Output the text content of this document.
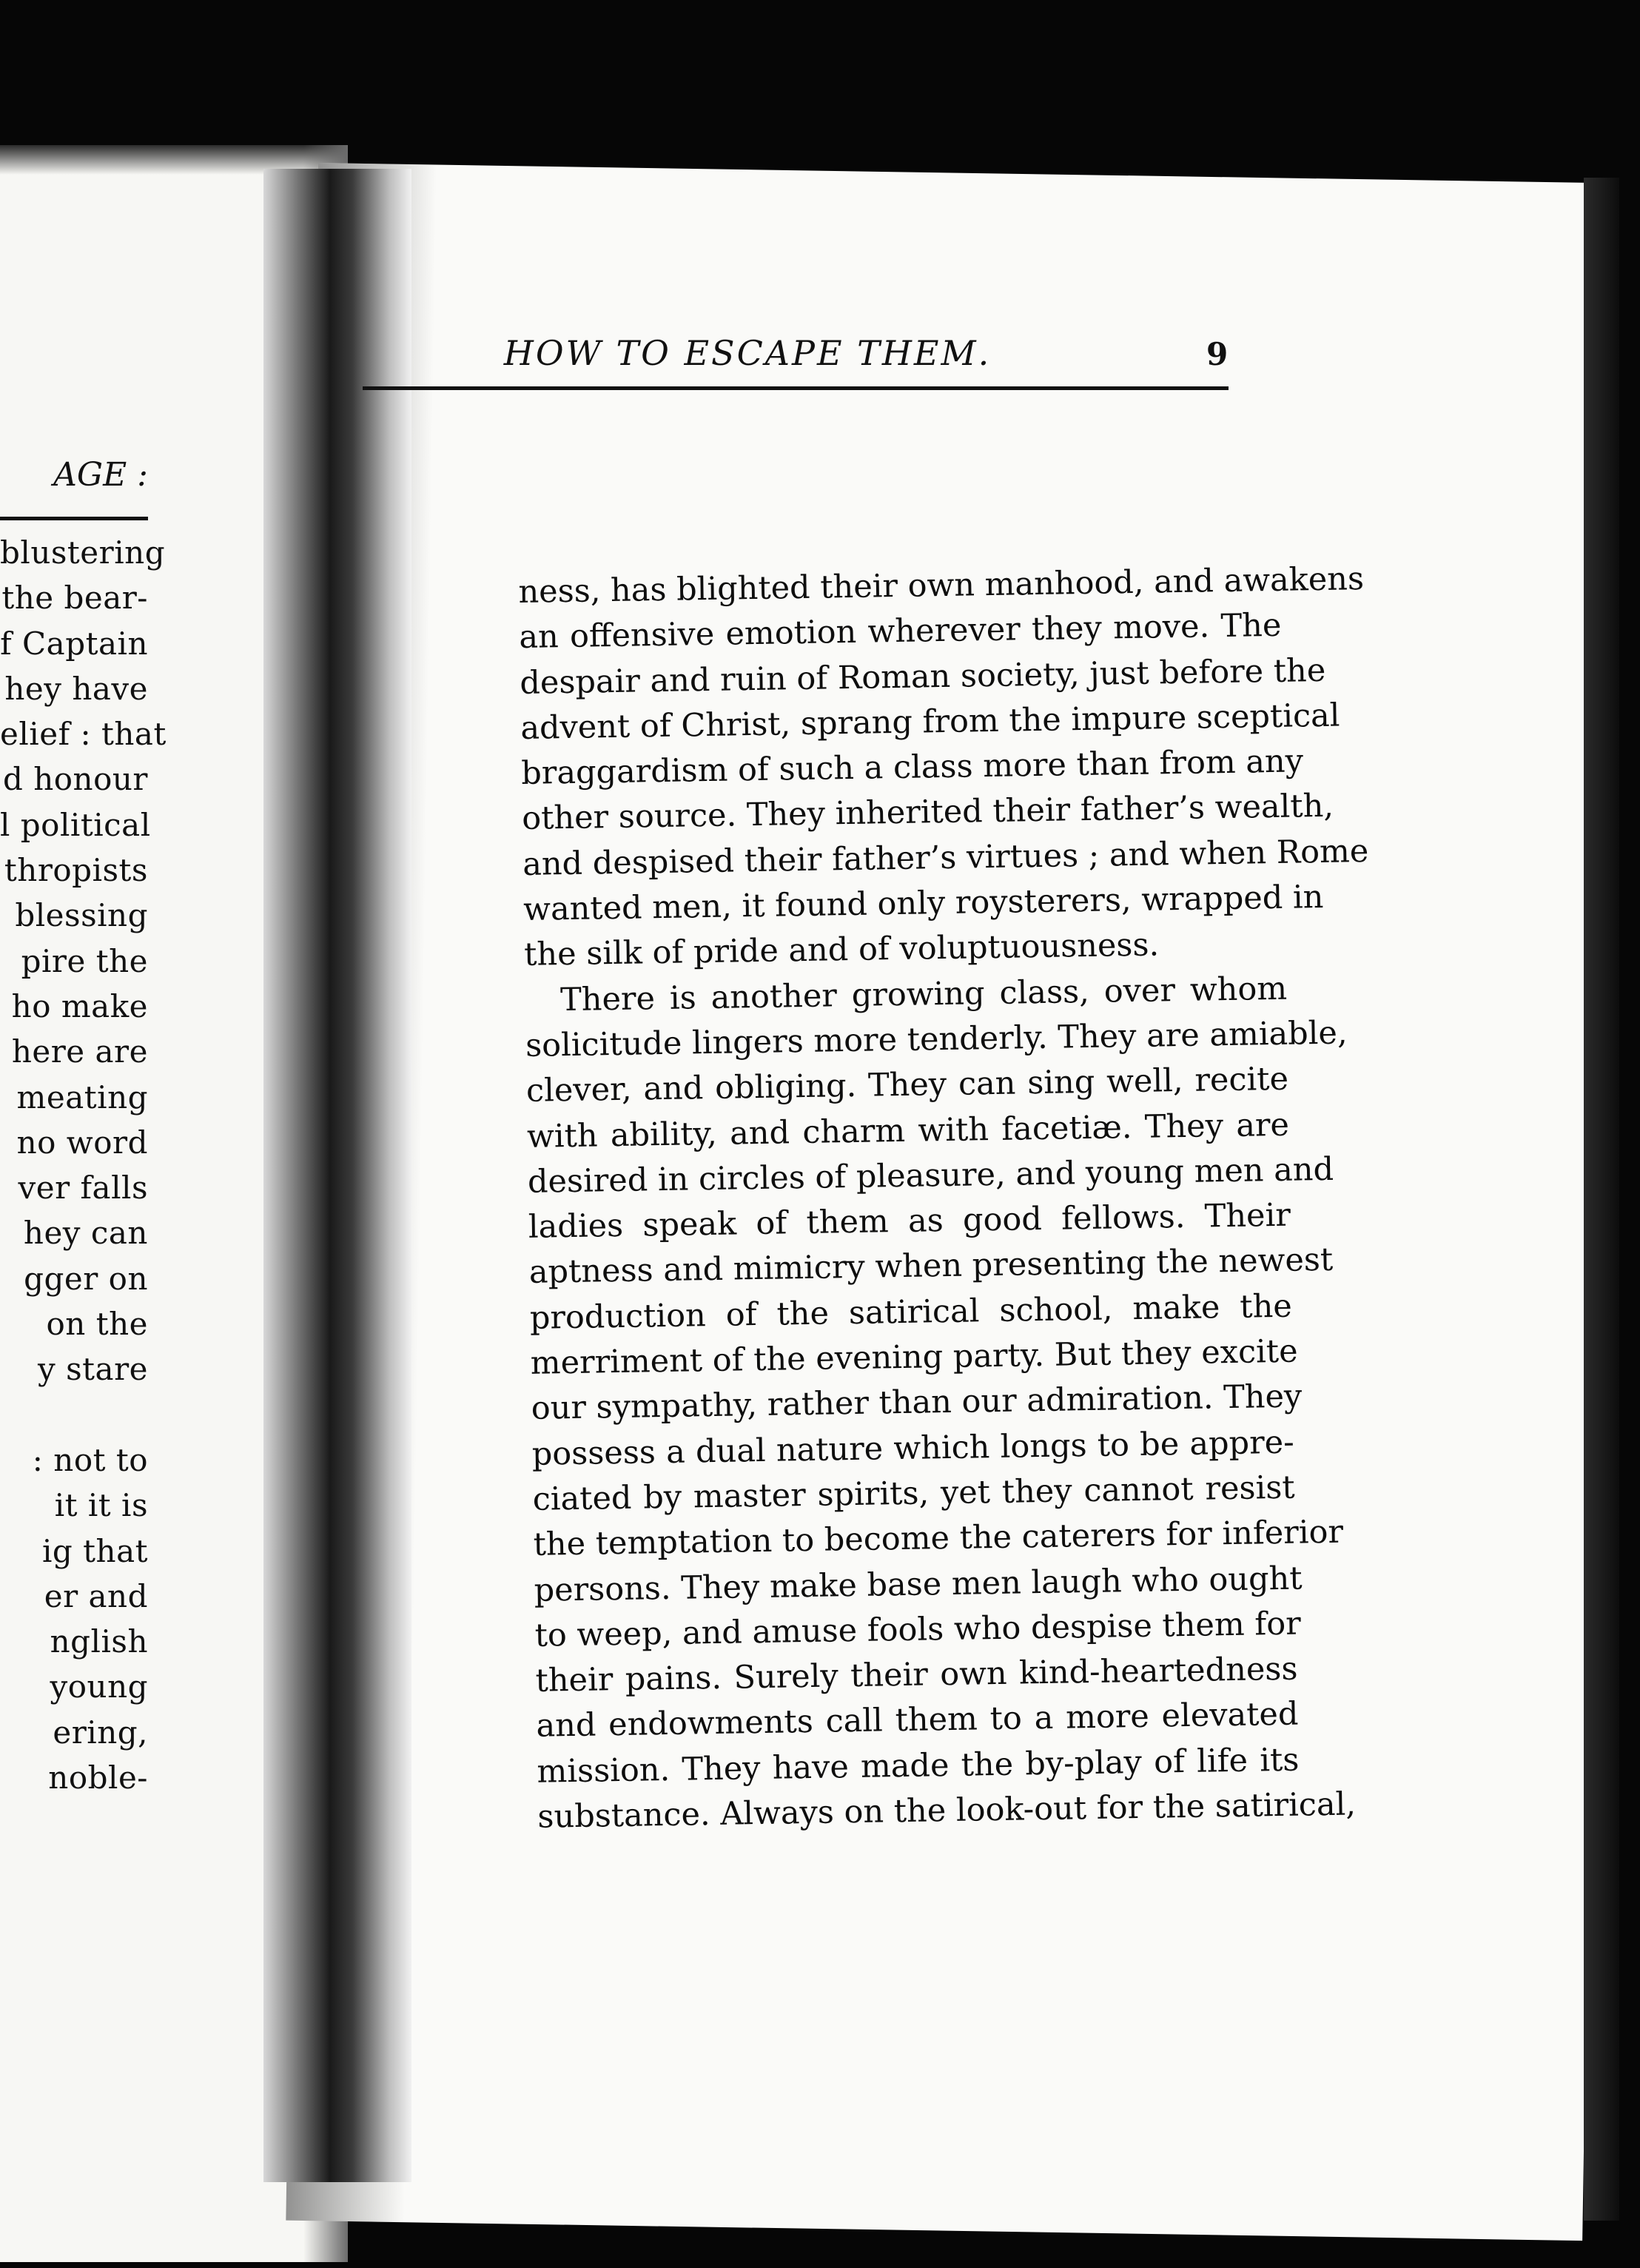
AGE :
blustering
the bear-
f Captain
hey have
elief : that
d honour
l political
thropists
blessing
pire the
ho make
here are
meating
no word
ver falls
hey can
gger on
on the
y stare
: not to
it it is
ig that
er and
nglish
young
ering,
noble-
HOW TO ESCAPE THEM.	9
ness, has blighted their own manhood, and awakens
an offensive emotion wherever they move. The
despair and ruin of Roman society, just before the
advent of Christ, sprang from the impure sceptical
braggardism of such a class more than from any
other source. They inherited their father’s wealth,
and despised their father’s virtues ; and when Rome
wanted men, it found only roysterers, wrapped in
the silk of pride and of voluptuousness.
There is another growing class, over whom
solicitude lingers more tenderly. They are amiable,
clever, and obliging. They can sing well, recite
with ability, and charm with facetiæ. They are
desired in circles of pleasure, and young men and
ladies speak of them as good fellows. Their
aptness and mimicry when presenting the newest
production of the satirical school, make the
merriment of the evening party. But they excite
our sympathy, rather than our admiration. They
possess a dual nature which longs to be appre-
ciated by master spirits, yet they cannot resist
the temptation to become the caterers for inferior
persons. They make base men laugh who ought
to weep, and amuse fools who despise them for
their pains. Surely their own kind-heartedness
and endowments call them to a more elevated
mission. They have made the by-play of life its
substance. Always on the look-out for the satirical,
